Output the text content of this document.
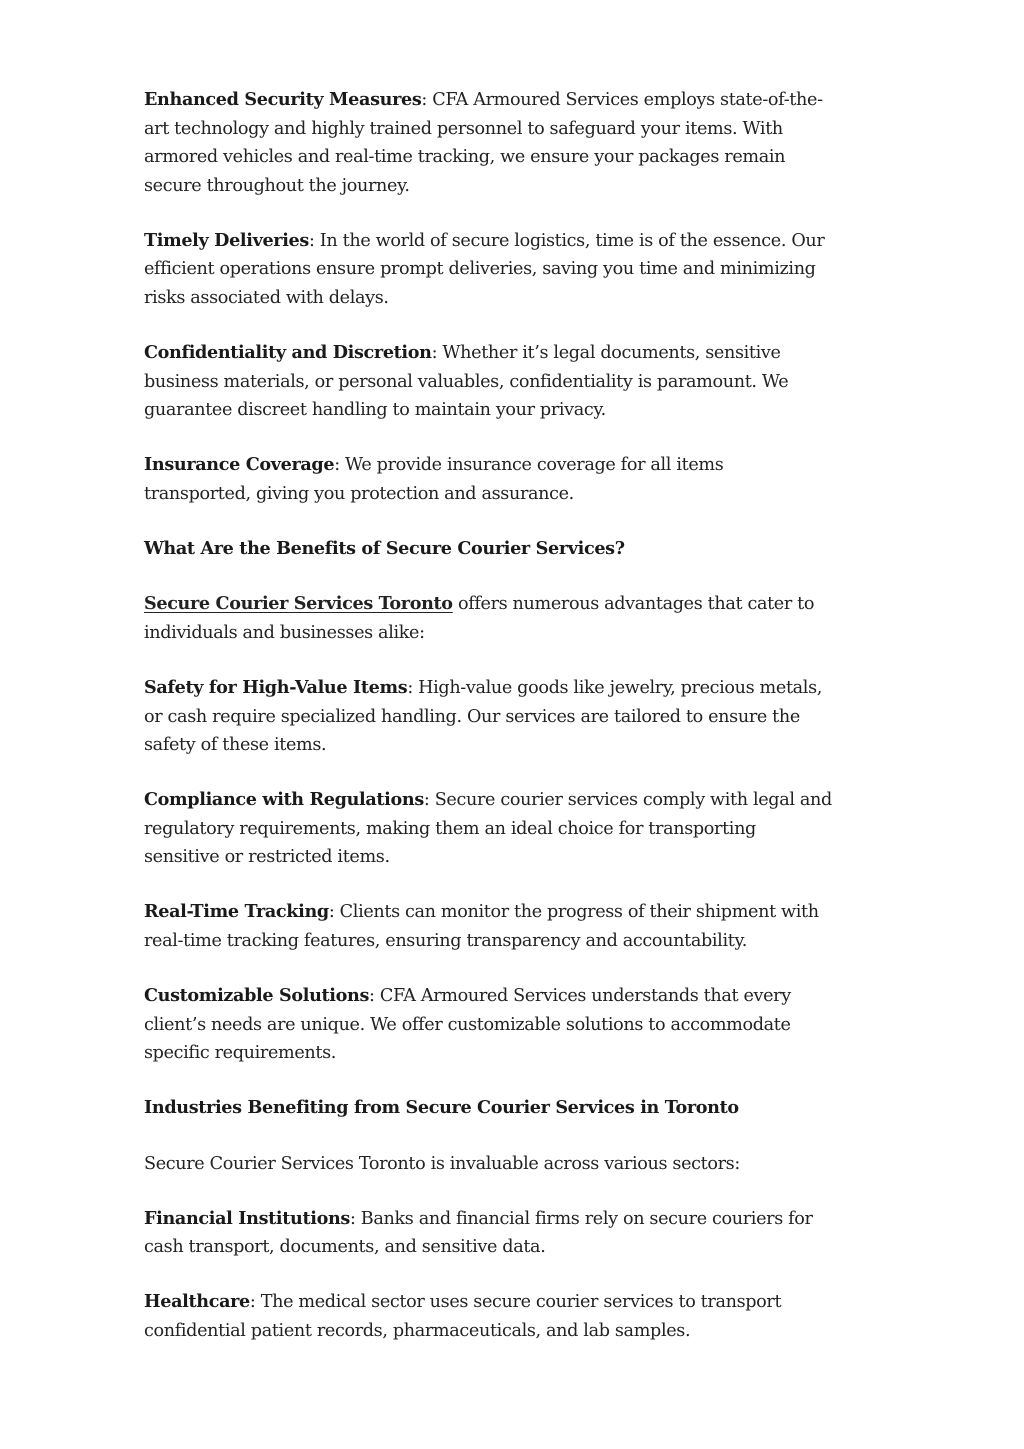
Enhanced Security Measures: CFA Armoured Services employs state-of-the-art technology and highly trained personnel to safeguard your items. With armored vehicles and real-time tracking, we ensure your packages remain secure throughout the journey.

Timely Deliveries: In the world of secure logistics, time is of the essence. Our efficient operations ensure prompt deliveries, saving you time and minimizing risks associated with delays.

Confidentiality and Discretion: Whether it’s legal documents, sensitive business materials, or personal valuables, confidentiality is paramount. We guarantee discreet handling to maintain your privacy.

Insurance Coverage: We provide insurance coverage for all items transported, giving you protection and assurance.

What Are the Benefits of Secure Courier Services?

Secure Courier Services Toronto offers numerous advantages that cater to individuals and businesses alike:

Safety for High-Value Items: High-value goods like jewelry, precious metals, or cash require specialized handling. Our services are tailored to ensure the safety of these items.

Compliance with Regulations: Secure courier services comply with legal and regulatory requirements, making them an ideal choice for transporting sensitive or restricted items.

Real-Time Tracking: Clients can monitor the progress of their shipment with real-time tracking features, ensuring transparency and accountability.

Customizable Solutions: CFA Armoured Services understands that every client’s needs are unique. We offer customizable solutions to accommodate specific requirements.

Industries Benefiting from Secure Courier Services in Toronto

Secure Courier Services Toronto is invaluable across various sectors:

Financial Institutions: Banks and financial firms rely on secure couriers for cash transport, documents, and sensitive data.

Healthcare: The medical sector uses secure courier services to transport confidential patient records, pharmaceuticals, and lab samples.
